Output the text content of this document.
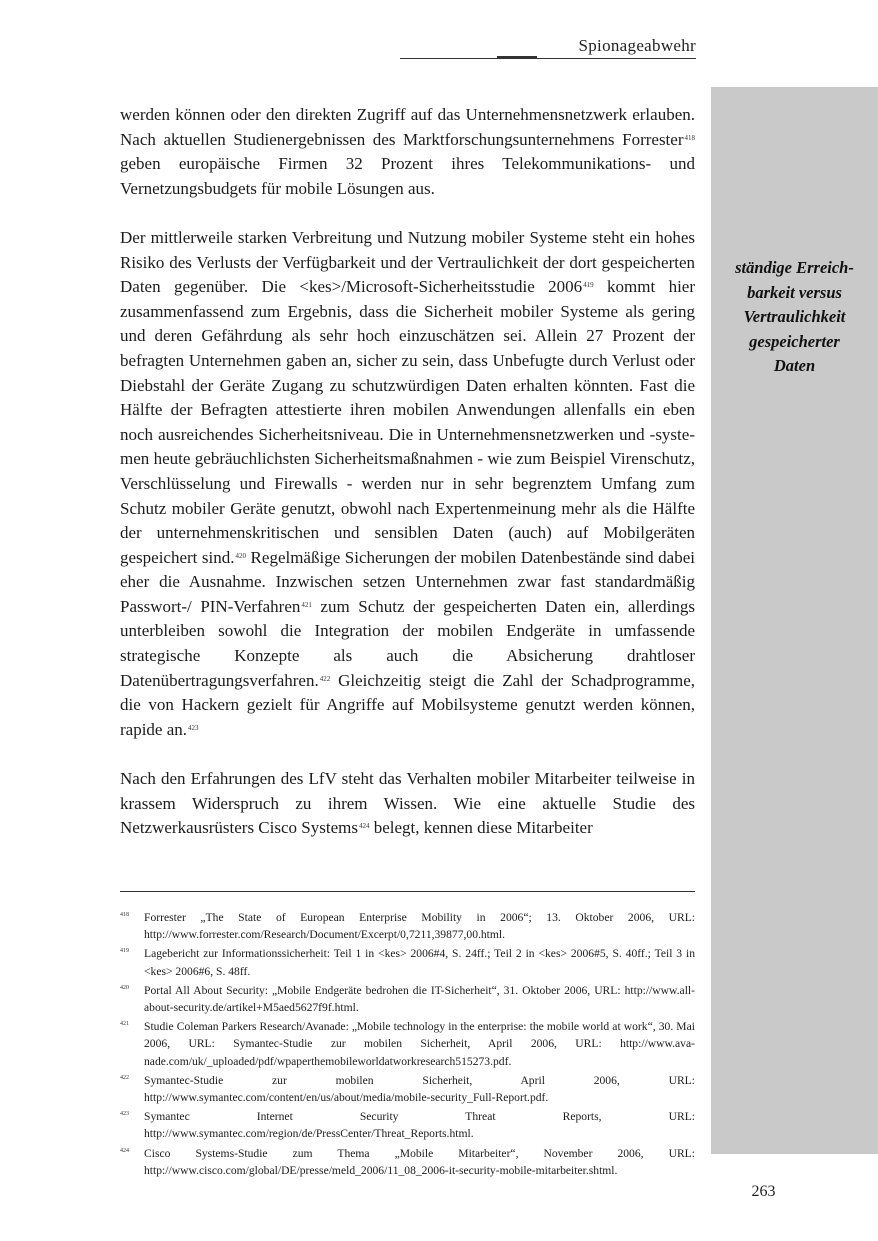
Spionageabwehr

werden können oder den direkten Zugriff auf das Unternehmensnetzwerk erlauben. Nach aktuellen Studienergebnissen des Marktforschungsunternehmens Forrester$^{418}$ geben europäische Firmen 32 Prozent ihres Telekommunikations- und Vernetzungsbudgets für mobile Lösungen aus.

Der mittlerweile starken Verbreitung und Nutzung mobiler Systeme steht ein hohes Risiko des Verlusts der Verfügbarkeit und der Vertraulichkeit der dort gespeicherten Daten gegenüber. Die <kes>/Microsoft-Sicherheitsstudie 2006$^{419}$ kommt hier zusammenfassend zum Ergebnis, dass die Sicherheit mobiler Systeme als gering und deren Gefährdung als sehr hoch einzuschätzen sei. Allein 27 Prozent der befragten Unternehmen gaben an, sicher zu sein, dass Unbefugte durch Verlust oder Diebstahl der Geräte Zugang zu schutzwürdigen Daten erhalten könnten. Fast die Hälfte der Befragten attestierte ihren mobilen Anwendungen allenfalls ein eben noch ausreichendes Sicherheitsniveau. Die in Unternehmensnetzwerken und -systemen heute gebräuchlichsten Sicherheitsmaßnahmen - wie zum Beispiel Virenschutz, Verschlüsselung und Firewalls - werden nur in sehr begrenztem Umfang zum Schutz mobiler Geräte genutzt, obwohl nach Expertenmeinung mehr als die Hälfte der unternehmenskritischen und sensiblen Daten (auch) auf Mobilgeräten gespeichert sind.$^{420}$ Regelmäßige Sicherungen der mobilen Datenbestände sind dabei eher die Ausnahme. Inzwischen setzen Unternehmen zwar fast standardmäßig Passwort-/ PIN-Verfahren$^{421}$ zum Schutz der gespeicherten Daten ein, allerdings unterbleiben sowohl die Integration der mobilen Endgeräte in umfassende strategische Konzepte als auch die Absicherung drahtloser Datenübertragungsverfahren.$^{422}$ Gleichzeitig steigt die Zahl der Schadprogramme, die von Hackern gezielt für Angriffe auf Mobilsysteme genutzt werden können, rapide an.$^{423}$

Nach den Erfahrungen des LfV steht das Verhalten mobiler Mitarbeiter teilweise in krassem Widerspruch zu ihrem Wissen. Wie eine aktuelle Studie des Netzwerkausrüsters Cisco Systems$^{424}$ belegt, kennen diese Mitarbeiter

ständige Erreich-
barkeit versus
Vertraulichkeit
gespeicherter
Daten
418	Forrester „The State of European Enterprise Mobility in 2006“; 13. Oktober 2006, URL: http://www.forrester.com/Research/Document/Excerpt/0,7211,39877,00.html.
419	Lagebericht zur Informationssicherheit: Teil 1 in <kes> 2006#4, S. 24ff.; Teil 2 in <kes> 2006#5, S. 40ff.; Teil 3 in <kes> 2006#6, S. 48ff.
420	Portal All About Security: „Mobile Endgeräte bedrohen die IT-Sicherheit“, 31. Oktober 2006, URL: http://www.all-about-security.de/artikel+M5aed5627f9f.html.
421	Studie Coleman Parkers Research/Avanade: „Mobile technology in the enterprise: the mobile world at work“, 30. Mai 2006, URL: Symantec-Studie zur mobilen Sicherheit, April 2006, URL: http://www.avanade.com/uk/_uploaded/pdf/wpaperthemobileworldatworkresearch515273.pdf.
422	Symantec-Studie zur mobilen Sicherheit, April 2006, URL: http://www.symantec.com/content/en/us/about/media/mobile-security_Full-Report.pdf.
423	Symantec Internet Security Threat Reports, URL: http://www.symantec.com/region/de/PressCenter/Threat_Reports.html.
424	Cisco Systems-Studie zum Thema „Mobile Mitarbeiter“, November 2006, URL: http://www.cisco.com/global/DE/presse/meld_2006/11_08_2006-it-security-mobile-mitarbeiter.shtml.
263
